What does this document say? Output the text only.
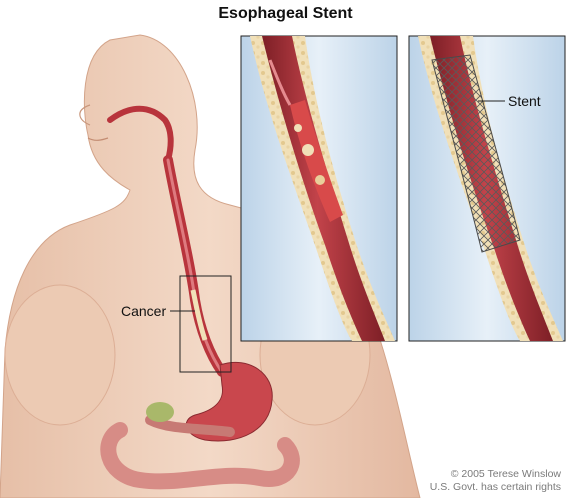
Esophageal Stent
Cancer
Stent
© 2005 Terese Winslow
U.S. Govt. has certain rights
